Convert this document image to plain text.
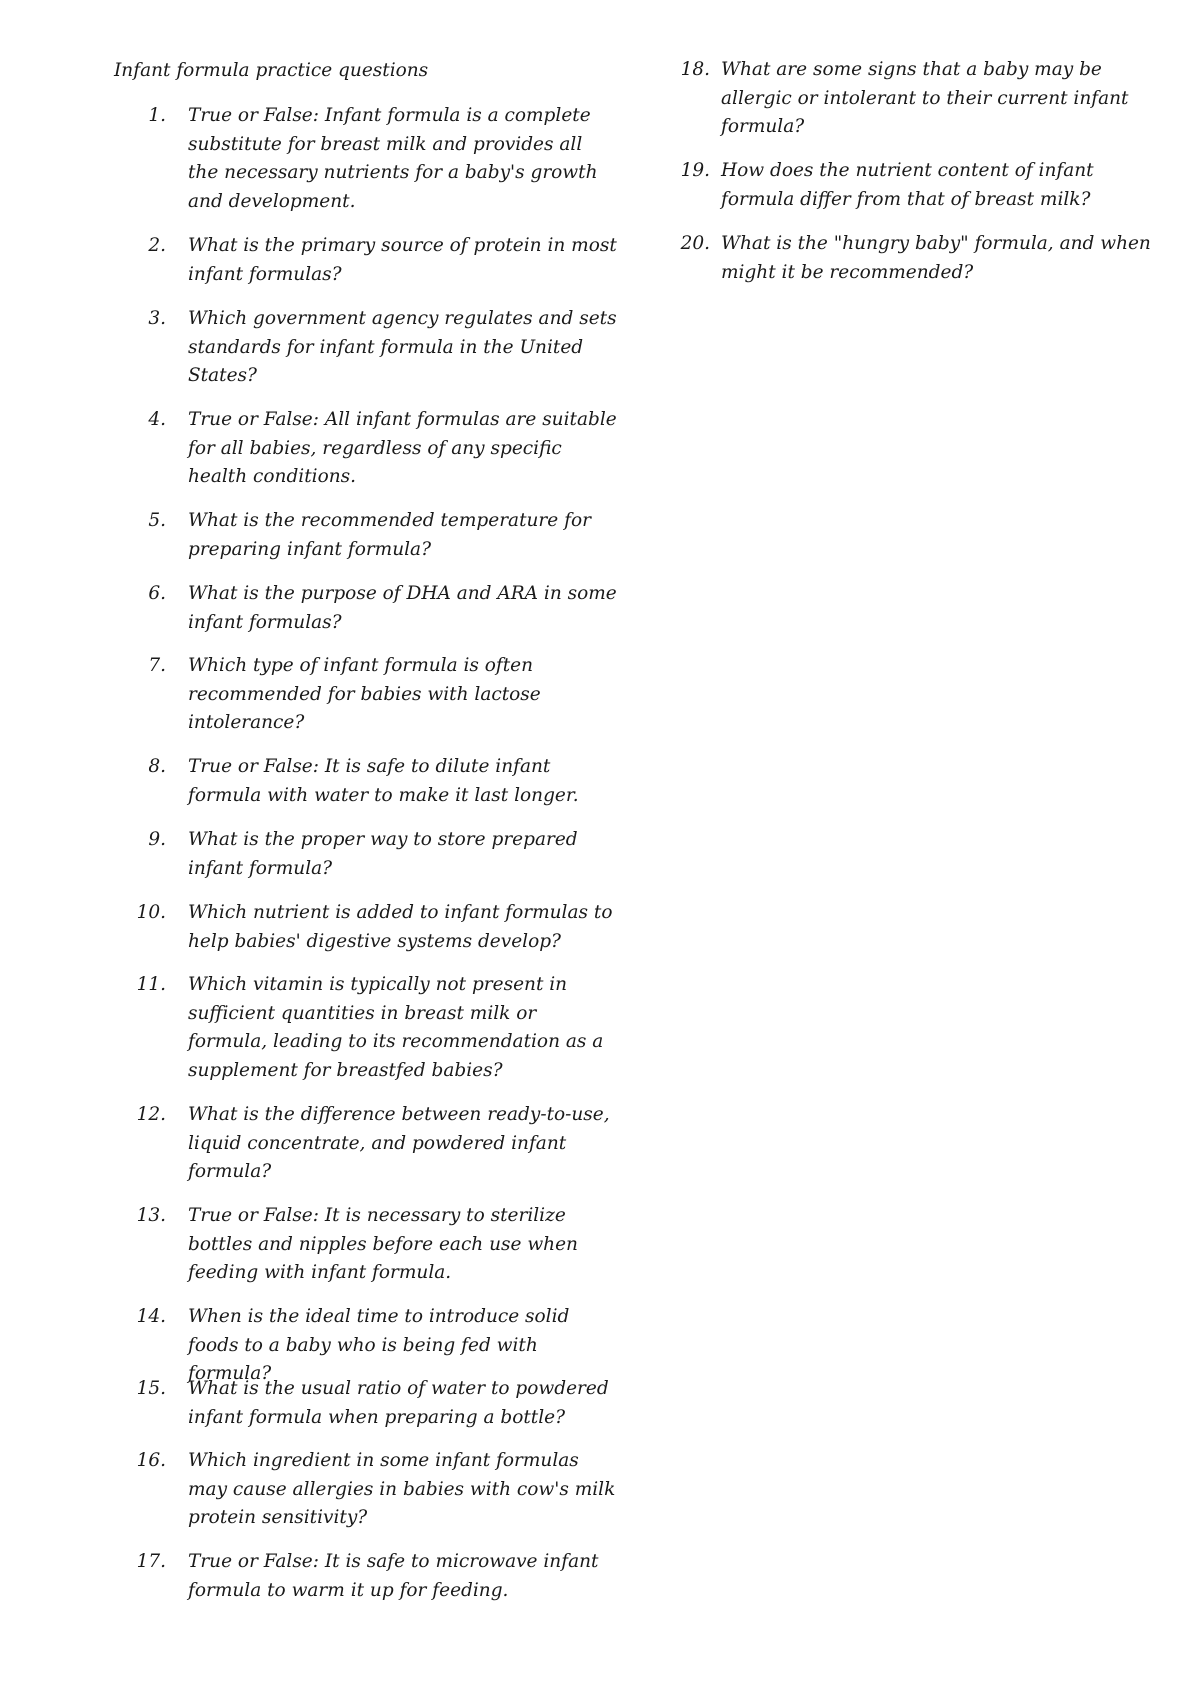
Infant formula practice questions
1. True or False: Infant formula is a complete substitute for breast milk and provides all the necessary nutrients for a baby's growth and development.
2. What is the primary source of protein in most infant formulas?
3. Which government agency regulates and sets standards for infant formula in the United States?
4. True or False: All infant formulas are suitable for all babies, regardless of any specific health conditions.
5. What is the recommended temperature for preparing infant formula?
6. What is the purpose of DHA and ARA in some infant formulas?
7. Which type of infant formula is often recommended for babies with lactose intolerance?
8. True or False: It is safe to dilute infant formula with water to make it last longer.
9. What is the proper way to store prepared infant formula?
10. Which nutrient is added to infant formulas to help babies' digestive systems develop?
11. Which vitamin is typically not present in sufficient quantities in breast milk or formula, leading to its recommendation as a supplement for breastfed babies?
12. What is the difference between ready-to-use, liquid concentrate, and powdered infant formula?
13. True or False: It is necessary to sterilize bottles and nipples before each use when feeding with infant formula.
14. When is the ideal time to introduce solid foods to a baby who is being fed with formula?
15. What is the usual ratio of water to powdered infant formula when preparing a bottle?
16. Which ingredient in some infant formulas may cause allergies in babies with cow's milk protein sensitivity?
17. True or False: It is safe to microwave infant formula to warm it up for feeding.
18. What are some signs that a baby may be allergic or intolerant to their current infant formula?
19. How does the nutrient content of infant formula differ from that of breast milk?
20. What is the "hungry baby" formula, and when might it be recommended?
